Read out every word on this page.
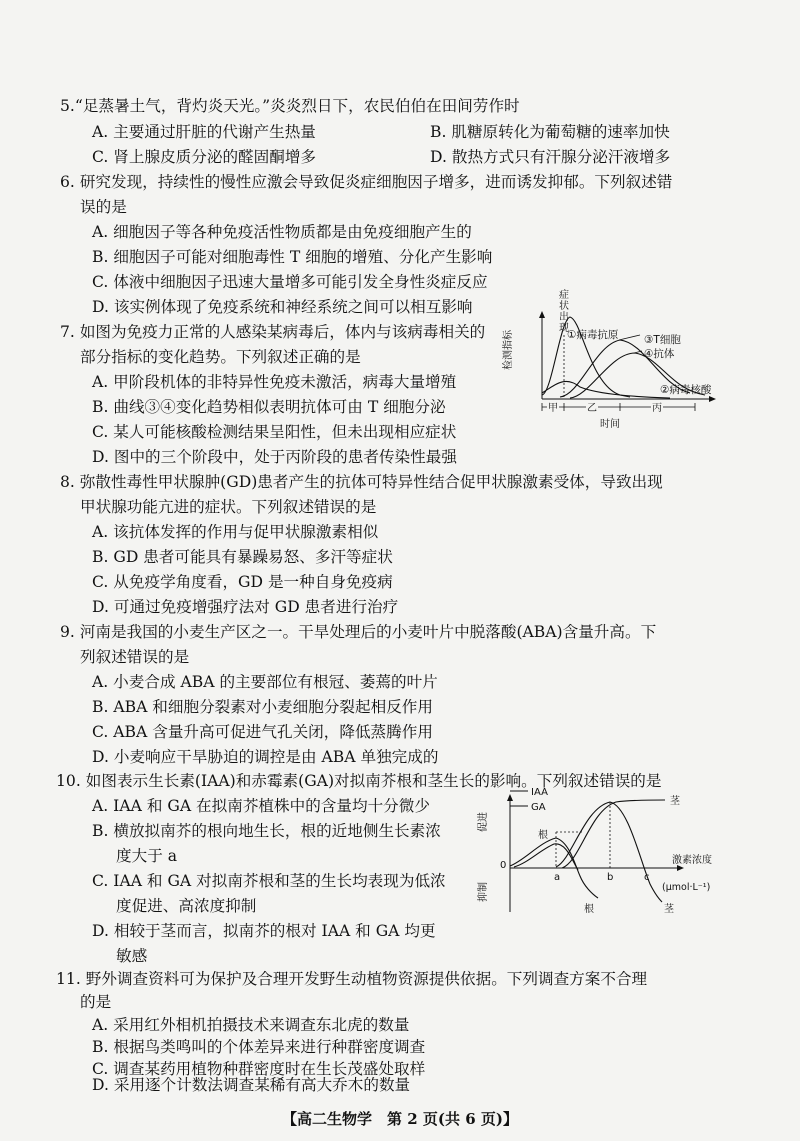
5.“足蒸暑土气，背灼炎天光。”炎炎烈日下，农民伯伯在田间劳作时
A. 主要通过肝脏的代谢产生热量	B. 肌糖原转化为葡萄糖的速率加快
C. 肾上腺皮质分泌的醛固酮增多	D. 散热方式只有汗腺分泌汗液增多
6. 研究发现，持续性的慢性应激会导致促炎症细胞因子增多，进而诱发抑郁。下列叙述错
误的是
A. 细胞因子等各种免疫活性物质都是由免疫细胞产生的
B. 细胞因子可能对细胞毒性 T 细胞的增殖、分化产生影响
C. 体液中细胞因子迅速大量增多可能引发全身性炎症反应
D. 该实例体现了免疫系统和神经系统之间可以相互影响
7. 如图为免疫力正常的人感染某病毒后，体内与该病毒相关的
部分指标的变化趋势。下列叙述正确的是
A. 甲阶段机体的非特异性免疫未激活，病毒大量增殖
B. 曲线③④变化趋势相似表明抗体可由 T 细胞分泌
C. 某人可能核酸检测结果呈阳性，但未出现相应症状
D. 图中的三个阶段中，处于丙阶段的患者传染性最强
症
状
出
现
检测指标	①病毒抗原 ③T细胞
④抗体
②病毒核酸
甲	乙	丙
时间
8. 弥散性毒性甲状腺肿(GD)患者产生的抗体可特异性结合促甲状腺激素受体，导致出现
甲状腺功能亢进的症状。下列叙述错误的是
A. 该抗体发挥的作用与促甲状腺激素相似
B. GD 患者可能具有暴躁易怒、多汗等症状
C. 从免疫学角度看，GD 是一种自身免疫病
D. 可通过免疫增强疗法对 GD 患者进行治疗
9. 河南是我国的小麦生产区之一。干旱处理后的小麦叶片中脱落酸(ABA)含量升高。下
列叙述错误的是
A. 小麦合成 ABA 的主要部位有根冠、萎蔫的叶片
B. ABA 和细胞分裂素对小麦细胞分裂起相反作用
C. ABA 含量升高可促进气孔关闭，降低蒸腾作用
D. 小麦响应干旱胁迫的调控是由 ABA 单独完成的
10. 如图表示生长素(IAA)和赤霉素(GA)对拟南芥根和茎生长的影响。下列叙述错误的是
A. IAA 和 GA 在拟南芥植株中的含量均十分微少
B. 横放拟南芥的根向地生长，根的近地侧生长素浓
度大于 a
C. IAA 和 GA 对拟南芥根和茎的生长均表现为低浓
度促进、高浓度抑制
D. 相较于茎而言，拟南芥的根对 IAA 和 GA 均更
敏感
IAA
GA
0
促进
抑制
根
茎
根	茎
a	b	c
激素浓度
(μmol·L⁻¹)
11. 野外调查资料可为保护及合理开发野生动植物资源提供依据。下列调查方案不合理
的是
A. 采用红外相机拍摄技术来调查东北虎的数量
【高二生物学　第 2 页(共 6 页)】
B. 根据鸟类鸣叫的个体差异来进行种群密度调查
C. 调查某药用植物种群密度时在生长茂盛处取样
D. 采用逐个计数法调查某稀有高大乔木的数量
